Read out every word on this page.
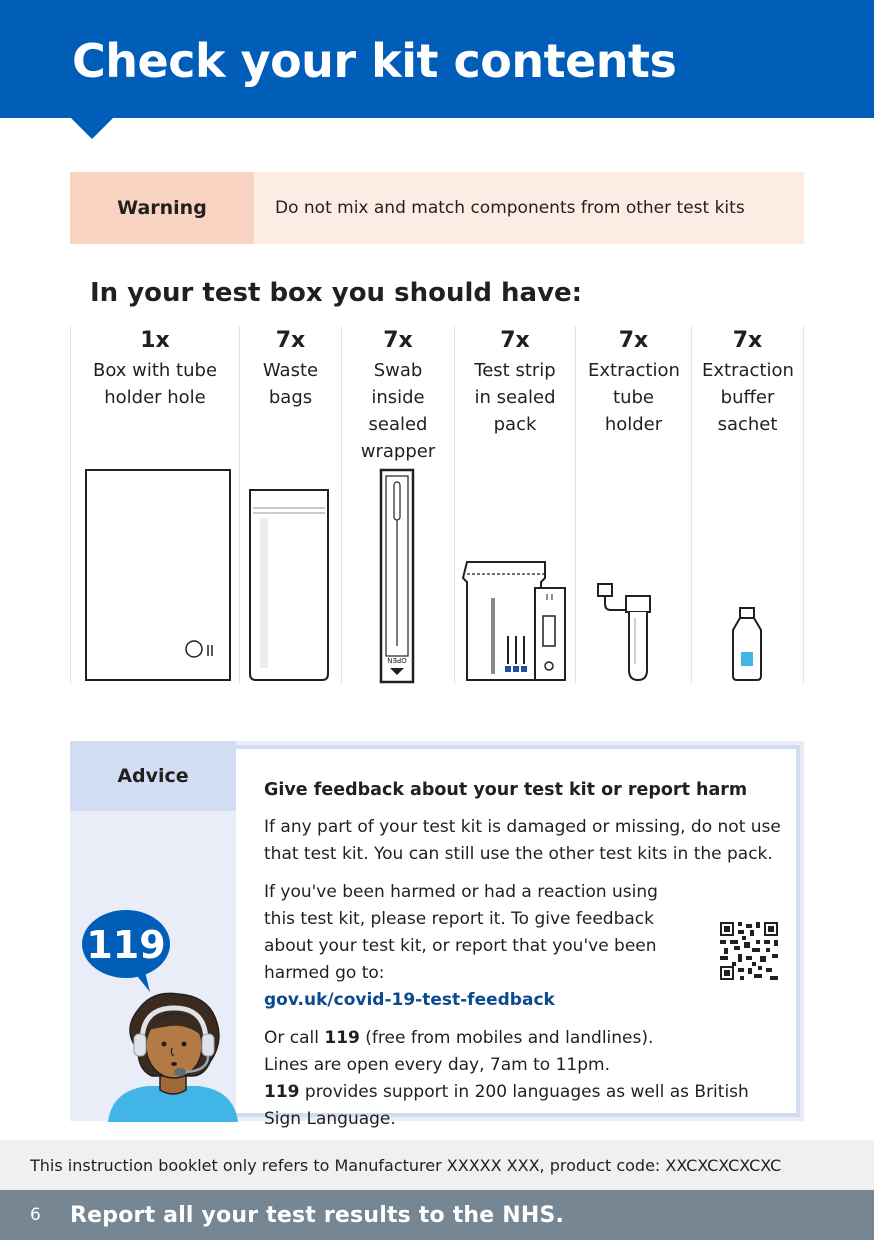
Check your kit contents
Warning	Do not mix and match components from other test kits
In your test box you should have:
1x
Box with tube holder hole
7x
Waste bags
7x
Swab inside sealed wrapper
OPEN
7x
Test strip in sealed pack
7x
Extraction tube holder
7x
Extraction buffer sachet
Advice
Give feedback about your test kit or report harm
If any part of your test kit is damaged or missing, do not use that test kit. You can still use the other test kits in the pack.
If you've been harmed or had a reaction using this test kit, please report it. To give feedback about your test kit, or report that you've been harmed go to:
gov.uk/covid-19-test-feedback
Or call 119 (free from mobiles and landlines).
Lines are open every day, 7am to 11pm.
119 provides support in 200 languages as well as British Sign Language.
119
This instruction booklet only refers to Manufacturer XXXXX XXX, product code: XXCXCXCXCXC
6	Report all your test results to the NHS.
